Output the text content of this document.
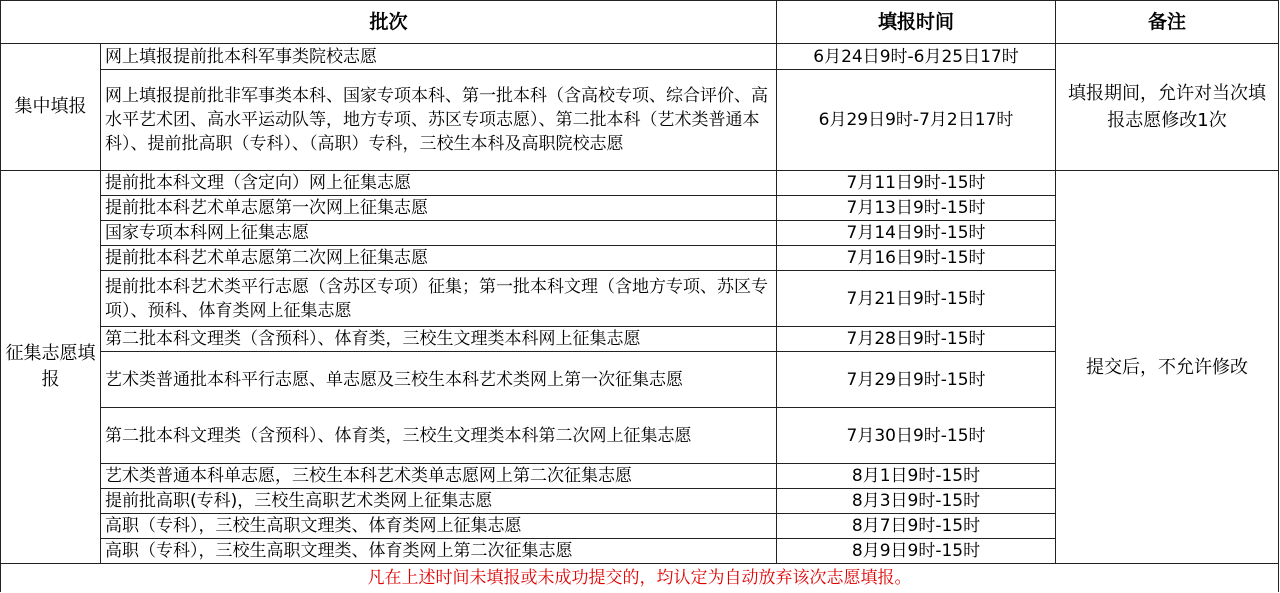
批次		填报时间	备注
集中填报	网上填报提前批本科军事类院校志愿	6月24日9时-6月25日17时	填报期间，允许对当次填报志愿修改1次
	网上填报提前批非军事类本科、国家专项本科、第一批本科（含高校专项、综合评价、高水平艺术团、高水平运动队等，地方专项、苏区专项志愿）、第二批本科（艺术类普通本科）、提前批高职（专科）、（高职）专科，三校生本科及高职院校志愿	6月29日9时-7月2日17时	
征集志愿填报	提前批本科文理（含定向）网上征集志愿	7月11日9时-15时	提交后，不允许修改
	提前批本科艺术单志愿第一次网上征集志愿	7月13日9时-15时	
	国家专项本科网上征集志愿	7月14日9时-15时	
	提前批本科艺术单志愿第二次网上征集志愿	7月16日9时-15时	
	提前批本科艺术类平行志愿（含苏区专项）征集；第一批本科文理（含地方专项、苏区专项）、预科、体育类网上征集志愿	7月21日9时-15时	
	第二批本科文理类（含预科）、体育类，三校生文理类本科网上征集志愿	7月28日9时-15时	
	艺术类普通批本科平行志愿、单志愿及三校生本科艺术类网上第一次征集志愿	7月29日9时-15时	
	第二批本科文理类（含预科）、体育类，三校生文理类本科第二次网上征集志愿	7月30日9时-15时	
	艺术类普通本科单志愿，三校生本科艺术类单志愿网上第二次征集志愿	8月1日9时-15时	
	提前批高职(专科)，三校生高职艺术类网上征集志愿	8月3日9时-15时	
	高职（专科），三校生高职文理类、体育类网上征集志愿	8月7日9时-15时	
	高职（专科），三校生高职文理类、体育类网上第二次征集志愿	8月9日9时-15时	
凡在上述时间未填报或未成功提交的，均认定为自动放弃该次志愿填报。			
